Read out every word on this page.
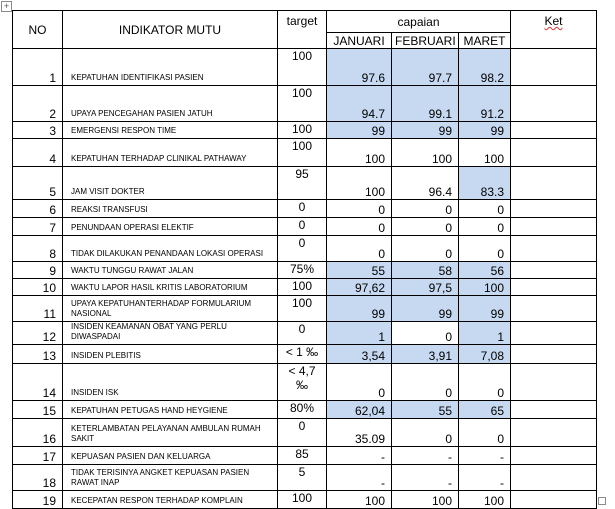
+
NO	INDIKATOR MUTU	target	capaian			Ket
			JANUARI	FEBRUARI	MARET	
1	KEPATUHAN IDENTIFIKASI PASIEN	100	97.6	97.7	98.2	
2	UPAYA PENCEGAHAN PASIEN JATUH	100	94.7	99.1	91.2	
3	EMERGENSI RESPON TIME	100	99	99	99	
4	KEPATUHAN TERHADAP CLINIKAL PATHAWAY	100	100	100	100	
5	JAM VISIT DOKTER	95	100	96.4	83.3	
6	REAKSI TRANSFUSI	0	0	0	0	
7	PENUNDAAN OPERASI ELEKTIF	0	0	0	0	
8	TIDAK DILAKUKAN PENANDAAN LOKASI OPERASI	0	0	0	0	
9	WAKTU TUNGGU RAWAT JALAN	75%	55	58	56	
10	WAKTU LAPOR HASIL KRITIS LABORATORIUM	100	97,62	97,5	100	
11	UPAYA KEPATUHANTERHADAP FORMULARIUM NASIONAL	100	99	99	99	
12	INSIDEN KEAMANAN OBAT YANG PERLU DIWASPADAI	0	1	0	1	
13	INSIDEN PLEBITIS	< 1 ‰	3,54	3,91	7,08	
14	INSIDEN ISK	< 4,7 ‰	0	0	0	
15	KEPATUHAN PETUGAS HAND HEYGIENE	80%	62,04	55	65	
16	KETERLAMBATAN PELAYANAN AMBULAN RUMAH SAKIT	0	35.09	0	0	
17	KEPUASAN PASIEN DAN KELUARGA	85	-	-	-	
18	TIDAK TERISINYA ANGKET KEPUASAN PASIEN RAWAT INAP	5	-	-	-	
19	KECEPATAN RESPON TERHADAP KOMPLAIN	100	100	100	100	
